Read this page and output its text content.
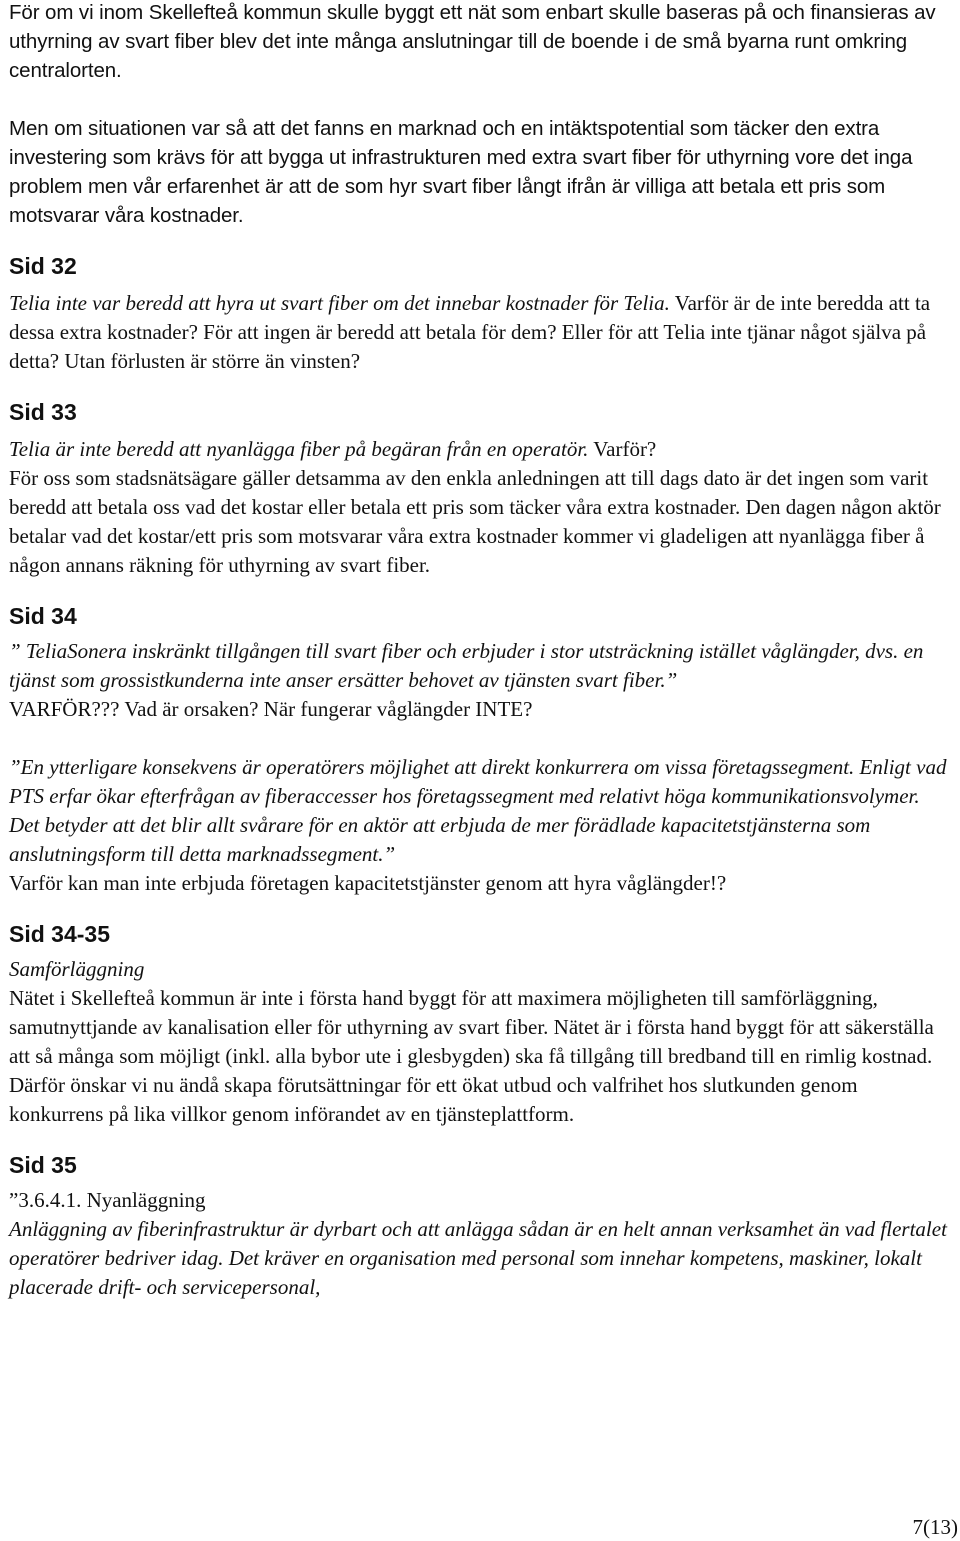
För om vi inom Skellefteå kommun skulle byggt ett nät som enbart skulle baseras på och finansieras av uthyrning av svart fiber blev det inte många anslutningar till de boende i de små byarna runt omkring centralorten.

Men om situationen var så att det fanns en marknad och en intäktspotential som täcker den extra investering som krävs för att bygga ut infrastrukturen med extra svart fiber för uthyrning vore det inga problem men vår erfarenhet är att de som hyr svart fiber långt ifrån är villiga att betala ett pris som motsvarar våra kostnader.

Sid 32

Telia inte var beredd att hyra ut svart fiber om det innebar kostnader för Telia. Varför är de inte beredda att ta dessa extra kostnader? För att ingen är beredd att betala för dem? Eller för att Telia inte tjänar något själva på detta? Utan förlusten är större än vinsten?

Sid 33

Telia är inte beredd att nyanlägga fiber på begäran från en operatör. Varför?

För oss som stadsnätsägare gäller detsamma av den enkla anledningen att till dags dato är det ingen som varit beredd att betala oss vad det kostar eller betala ett pris som täcker våra extra kostnader. Den dagen någon aktör betalar vad det kostar/ett pris som motsvarar våra extra kostnader kommer vi gladeligen att nyanlägga fiber å någon annans räkning för uthyrning av svart fiber.

Sid 34

” TeliaSonera inskränkt tillgången till svart fiber och erbjuder i stor utsträckning istället våglängder, dvs. en tjänst som grossistkunderna inte anser ersätter behovet av tjänsten svart fiber.”

VARFÖR??? Vad är orsaken? När fungerar våglängder INTE?

”En ytterligare konsekvens är operatörers möjlighet att direkt konkurrera om vissa företagssegment. Enligt vad PTS erfar ökar efterfrågan av fiberaccesser hos företagssegment med relativt höga kommunikationsvolymer. Det betyder att det blir allt svårare för en aktör att erbjuda de mer förädlade kapacitetstjänsterna som anslutningsform till detta marknadssegment.”

Varför kan man inte erbjuda företagen kapacitetstjänster genom att hyra våglängder!?

Sid 34-35

Samförläggning

Nätet i Skellefteå kommun är inte i första hand byggt för att maximera möjligheten till samförläggning, samutnyttjande av kanalisation eller för uthyrning av svart fiber. Nätet är i första hand byggt för att säkerställa att så många som möjligt (inkl. alla bybor ute i glesbygden) ska få tillgång till bredband till en rimlig kostnad. Därför önskar vi nu ändå skapa förutsättningar för ett ökat utbud och valfrihet hos slutkunden genom konkurrens på lika villkor genom införandet av en tjänsteplattform.

Sid 35

”3.6.4.1. Nyanläggning

Anläggning av fiberinfrastruktur är dyrbart och att anlägga sådan är en helt annan verksamhet än vad flertalet operatörer bedriver idag. Det kräver en organisation med personal som innehar kompetens, maskiner, lokalt placerade drift- och servicepersonal,

7(13)
